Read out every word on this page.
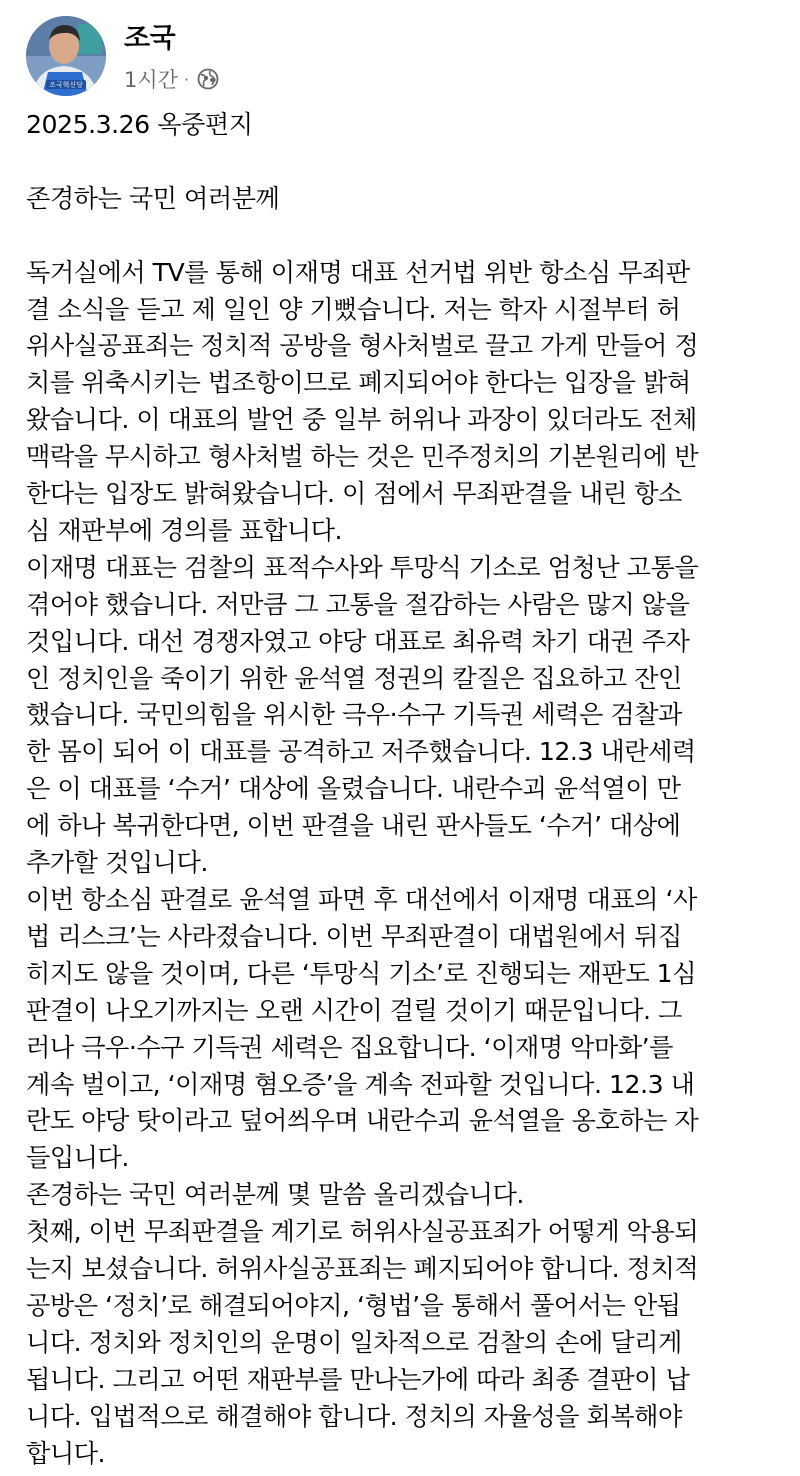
조국혁신당
조국
1시간 ·
2025.3.26 옥중편지
존경하는 국민 여러분께
독거실에서 TV를 통해 이재명 대표 선거법 위반 항소심 무죄판
결 소식을 듣고 제 일인 양 기뻤습니다. 저는 학자 시절부터 허
위사실공표죄는 정치적 공방을 형사처벌로 끌고 가게 만들어 정
치를 위축시키는 법조항이므로 폐지되어야 한다는 입장을 밝혀
왔습니다. 이 대표의 발언 중 일부 허위나 과장이 있더라도 전체
맥락을 무시하고 형사처벌 하는 것은 민주정치의 기본원리에 반
한다는 입장도 밝혀왔습니다. 이 점에서 무죄판결을 내린 항소
심 재판부에 경의를 표합니다.
이재명 대표는 검찰의 표적수사와 투망식 기소로 엄청난 고통을
겪어야 했습니다. 저만큼 그 고통을 절감하는 사람은 많지 않을
것입니다. 대선 경쟁자였고 야당 대표로 최유력 차기 대권 주자
인 정치인을 죽이기 위한 윤석열 정권의 칼질은 집요하고 잔인
했습니다. 국민의힘을 위시한 극우·수구 기득권 세력은 검찰과
한 몸이 되어 이 대표를 공격하고 저주했습니다. 12.3 내란세력
은 이 대표를 ‘수거’ 대상에 올렸습니다. 내란수괴 윤석열이 만
에 하나 복귀한다면, 이번 판결을 내린 판사들도 ‘수거’ 대상에
추가할 것입니다.
이번 항소심 판결로 윤석열 파면 후 대선에서 이재명 대표의 ‘사
법 리스크’는 사라졌습니다. 이번 무죄판결이 대법원에서 뒤집
히지도 않을 것이며, 다른 ‘투망식 기소’로 진행되는 재판도 1심
판결이 나오기까지는 오랜 시간이 걸릴 것이기 때문입니다. 그
러나 극우·수구 기득권 세력은 집요합니다. ‘이재명 악마화’를
계속 벌이고, ‘이재명 혐오증’을 계속 전파할 것입니다. 12.3 내
란도 야당 탓이라고 덮어씌우며 내란수괴 윤석열을 옹호하는 자
들입니다.
존경하는 국민 여러분께 몇 말씀 올리겠습니다.
첫째, 이번 무죄판결을 계기로 허위사실공표죄가 어떻게 악용되
는지 보셨습니다. 허위사실공표죄는 폐지되어야 합니다. 정치적
공방은 ‘정치’로 해결되어야지, ‘형법’을 통해서 풀어서는 안됩
니다. 정치와 정치인의 운명이 일차적으로 검찰의 손에 달리게
됩니다. 그리고 어떤 재판부를 만나는가에 따라 최종 결판이 납
니다. 입법적으로 해결해야 합니다. 정치의 자율성을 회복해야
합니다.
